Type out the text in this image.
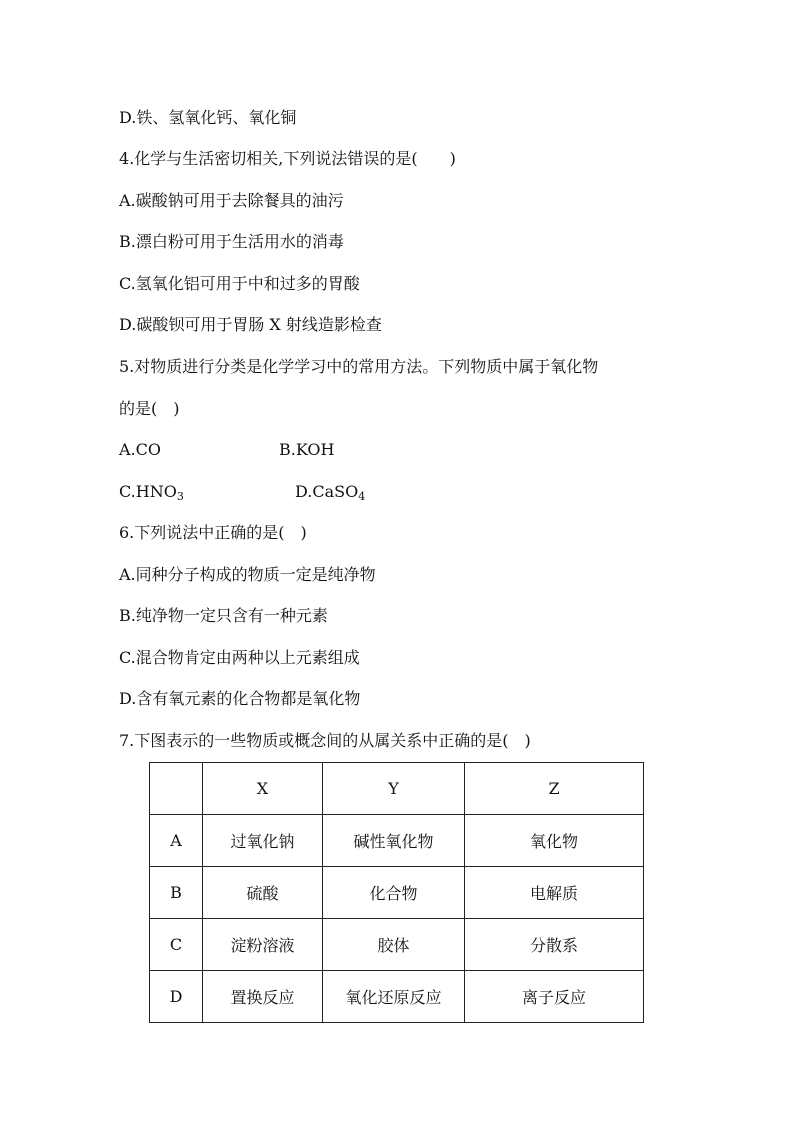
D.铁、氢氧化钙、氧化铜
4.化学与生活密切相关,下列说法错误的是(　　)
A.碳酸钠可用于去除餐具的油污
B.漂白粉可用于生活用水的消毒
C.氢氧化铝可用于中和过多的胃酸
D.碳酸钡可用于胃肠 X 射线造影检查
5.对物质进行分类是化学学习中的常用方法。下列物质中属于氧化物
的是(　)
A.CO	B.KOH
$C.HNO_3$	D.CaSO$_4$
6.下列说法中正确的是(　)
A.同种分子构成的物质一定是纯净物
B.纯净物一定只含有一种元素
C.混合物肯定由两种以上元素组成
D.含有氧元素的化合物都是氧化物
7.下图表示的一些物质或概念间的从属关系中正确的是(　)
	X	Y	Z
A	过氧化钠	碱性氧化物	氧化物
B	硫酸	化合物	电解质
C	淀粉溶液	胶体	分散系
D	置换反应	氧化还原反应	离子反应
